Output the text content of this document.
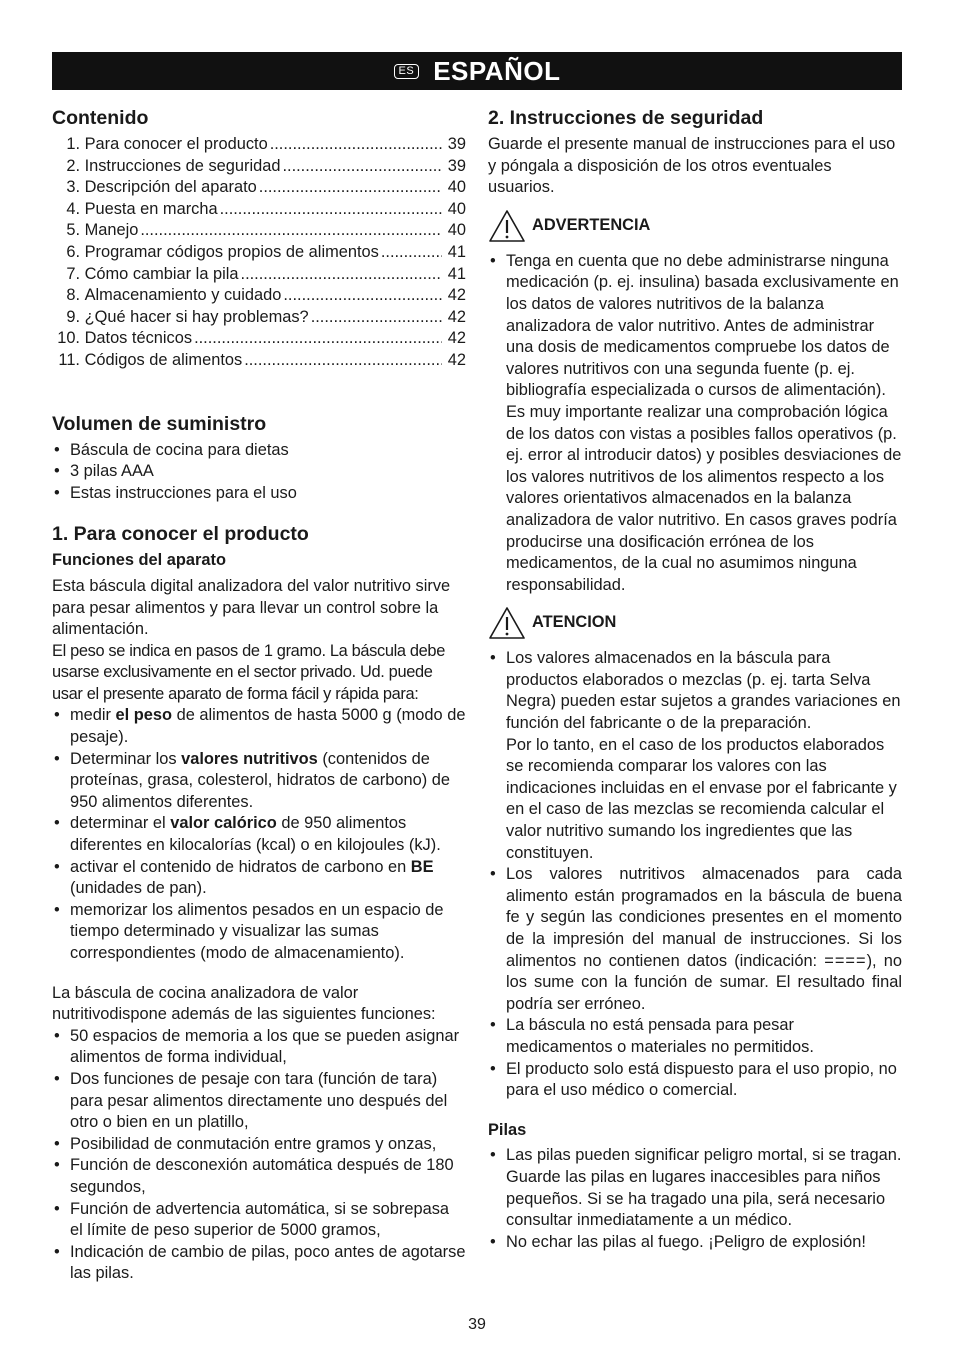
ES ESPAÑOL
Contenido
1. Para conocer el producto .....	39
2. Instrucciones de seguridad .....	39
3. Descripción del aparato .....	40
4. Puesta en marcha .....	40
5. Manejo .....	40
6. Programar códigos propios de alimentos .....	41
7. Cómo cambiar la pila .....	41
8. Almacenamiento y cuidado .....	42
9. ¿Qué hacer si hay problemas? .....	42
10. Datos técnicos .....	42
11. Códigos de alimentos .....	42
Volumen de suministro
• Báscula de cocina para dietas
• 3 pilas AAA
• Estas instrucciones para el uso
1. Para conocer el producto
Funciones del aparato

Esta báscula digital analizadora del valor nutritivo sirve para pesar alimentos y para llevar un control sobre la alimentación.

El peso se indica en pasos de 1 gramo. La báscula debe usarse exclusivamente en el sector privado. Ud. puede usar el presente aparato de forma fácil y rápida para:

• medir el peso de alimentos de hasta 5000 g (modo de pesaje).
• Determinar los valores nutritivos (contenidos de proteínas, grasa, colesterol, hidratos de carbono) de 950 alimentos diferentes.
• determinar el valor calórico de 950 alimentos diferentes en kilocalorías (kcal) o en kilojoules (kJ).
• activar el contenido de hidratos de carbono en BE (unidades de pan).
• memorizar los alimentos pesados en un espacio de tiempo determinado y visualizar las sumas correspondientes (modo de almacenamiento).

La báscula de cocina analizadora de valor nutritivodispone además de las siguientes funciones:

• 50 espacios de memoria a los que se pueden asignar alimentos de forma individual,
• Dos funciones de pesaje con tara (función de tara) para pesar alimentos directamente uno después del otro o bien en un platillo,
• Posibilidad de conmutación entre gramos y onzas,
• Función de desconexión automática después de 180 segundos,
• Función de advertencia automática, si se sobrepasa el límite de peso superior de 5000 gramos,
• Indicación de cambio de pilas, poco antes de agotarse las pilas.
2. Instrucciones de seguridad

Guarde el presente manual de instrucciones para el uso y póngala a disposición de los otros eventuales usuarios.

ADVERTENCIA

• Tenga en cuenta que no debe administrarse ninguna medicación (p. ej. insulina) basada exclusivamente en los datos de valores nutritivos de la balanza analizadora de valor nutritivo. Antes de administrar una dosis de medicamentos compruebe los datos de valores nutritivos con una segunda fuente (p. ej. bibliografía especializada o cursos de alimentación).

Es muy importante realizar una comprobación lógica de los datos con vistas a posibles fallos operativos (p. ej. error al introducir datos) y posibles desviaciones de los valores nutritivos de los alimentos respecto a los valores orientativos almacenados en la balanza analizadora de valor nutritivo. En casos graves podría producirse una dosificación errónea de los medicamentos, de la cual no asumimos ninguna responsabilidad.

ATENCION

• Los valores almacenados en la báscula para productos elaborados o mezclas (p. ej. tarta Selva Negra) pueden estar sujetos a grandes variaciones en función del fabricante o de la preparación.

Por lo tanto, en el caso de los productos elaborados se recomienda comparar los valores con las indicaciones incluidas en el envase por el fabricante y en el caso de las mezclas se recomienda calcular el valor nutritivo sumando los ingredientes que las constituyen.

• Los valores nutritivos almacenados para cada alimento están programados en la báscula de buena fe y según las condiciones presentes en el momento de la impresión del manual de instrucciones. Si los alimentos no contienen datos (indicación: ====), no los sume con la función de sumar. El resultado final podría ser erróneo.
• La báscula no está pensada para pesar medicamentos o materiales no permitidos.
• El producto solo está dispuesto para el uso propio, no para el uso médico o comercial.
Pilas
• Las pilas pueden significar peligro mortal, si se tragan. Guarde las pilas en lugares inaccesibles para niños pequeños. Si se ha tragado una pila, será necesario consultar inmediatamente a un médico.
• No echar las pilas al fuego. ¡Peligro de explosión!
39
